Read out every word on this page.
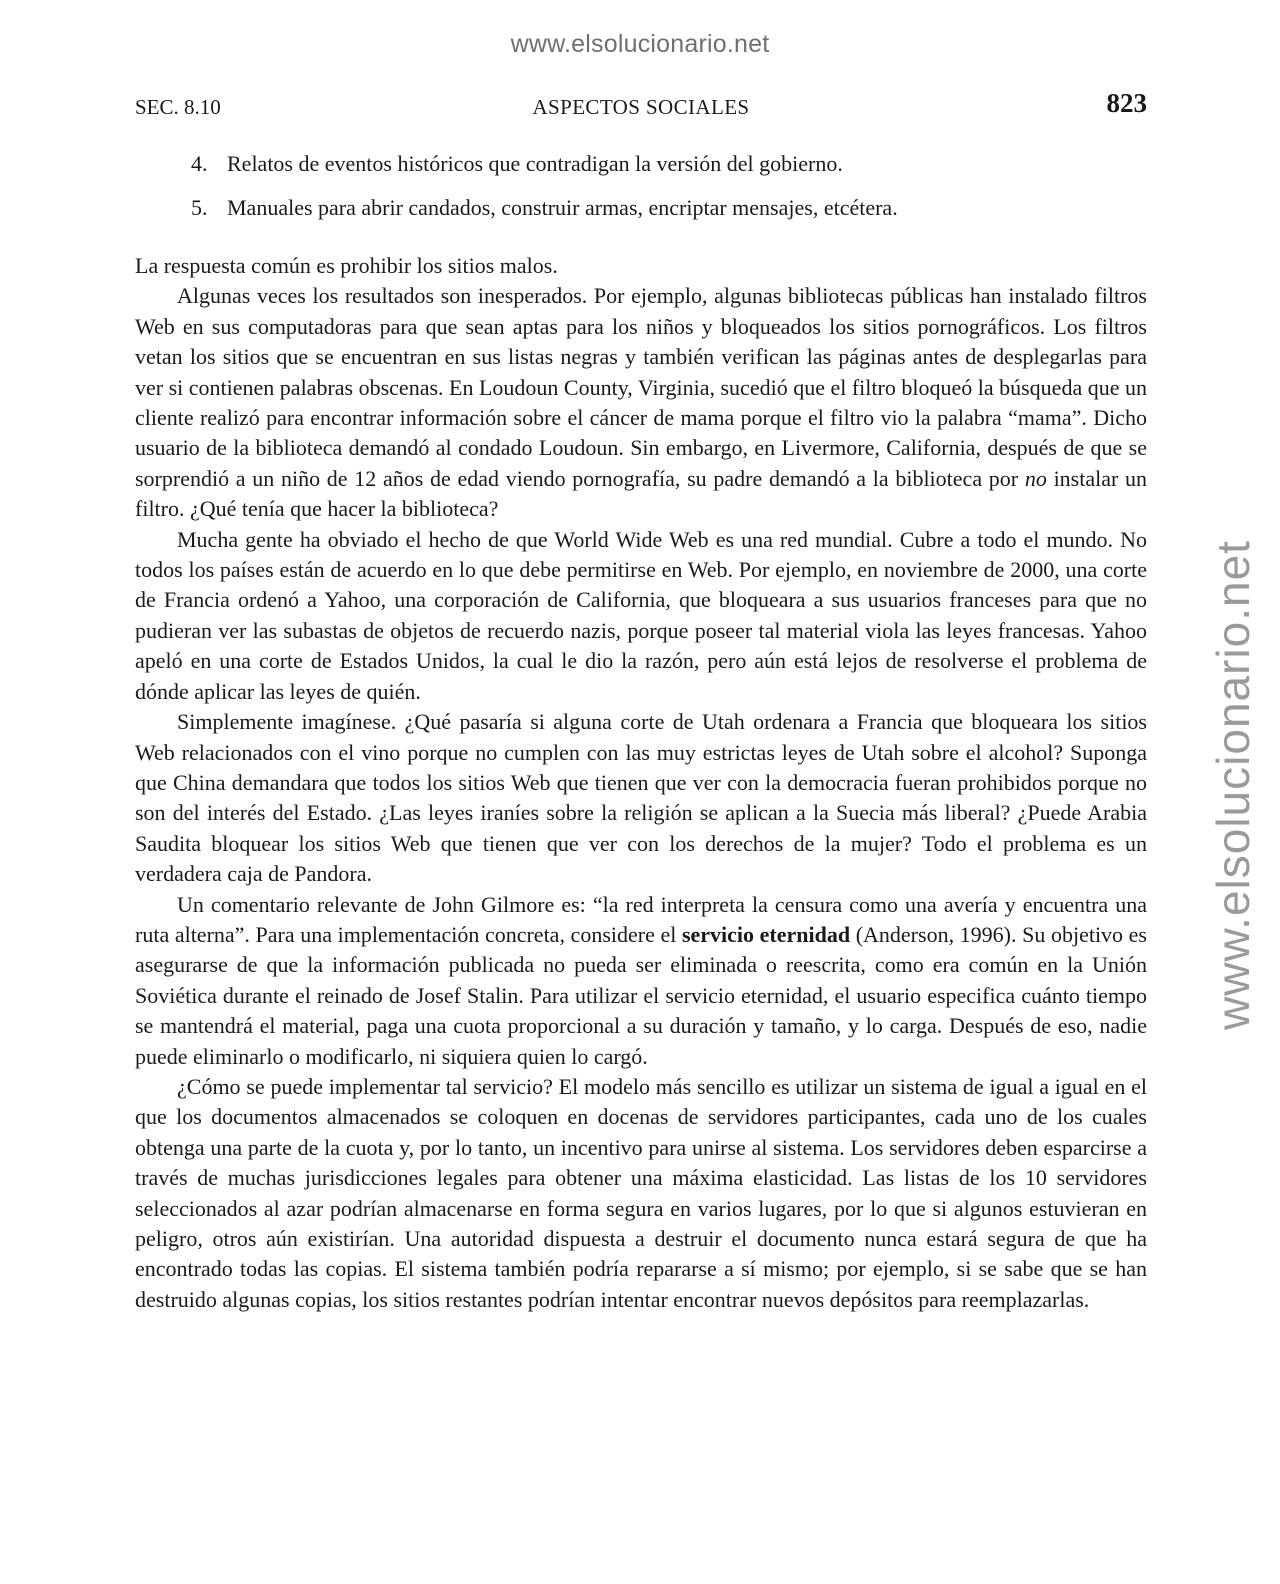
www.elsolucionario.net
www.elsolucionario.net
SEC. 8.10	ASPECTOS SOCIALES	823
4. Relatos de eventos históricos que contradigan la versión del gobierno.
5. Manuales para abrir candados, construir armas, encriptar mensajes, etcétera.

La respuesta común es prohibir los sitios malos.

Algunas veces los resultados son inesperados. Por ejemplo, algunas bibliotecas públicas han instalado filtros Web en sus computadoras para que sean aptas para los niños y bloqueados los sitios pornográficos. Los filtros vetan los sitios que se encuentran en sus listas negras y también verifican las páginas antes de desplegarlas para ver si contienen palabras obscenas. En Loudoun County, Virginia, sucedió que el filtro bloqueó la búsqueda que un cliente realizó para encontrar información sobre el cáncer de mama porque el filtro vio la palabra “mama”. Dicho usuario de la biblioteca demandó al condado Loudoun. Sin embargo, en Livermore, California, después de que se sorprendió a un niño de 12 años de edad viendo pornografía, su padre demandó a la biblioteca por no instalar un filtro. ¿Qué tenía que hacer la biblioteca?

Mucha gente ha obviado el hecho de que World Wide Web es una red mundial. Cubre a todo el mundo. No todos los países están de acuerdo en lo que debe permitirse en Web. Por ejemplo, en noviembre de 2000, una corte de Francia ordenó a Yahoo, una corporación de California, que bloqueara a sus usuarios franceses para que no pudieran ver las subastas de objetos de recuerdo nazis, porque poseer tal material viola las leyes francesas. Yahoo apeló en una corte de Estados Unidos, la cual le dio la razón, pero aún está lejos de resolverse el problema de dónde aplicar las leyes de quién.

Simplemente imagínese. ¿Qué pasaría si alguna corte de Utah ordenara a Francia que bloqueara los sitios Web relacionados con el vino porque no cumplen con las muy estrictas leyes de Utah sobre el alcohol? Suponga que China demandara que todos los sitios Web que tienen que ver con la democracia fueran prohibidos porque no son del interés del Estado. ¿Las leyes iraníes sobre la religión se aplican a la Suecia más liberal? ¿Puede Arabia Saudita bloquear los sitios Web que tienen que ver con los derechos de la mujer? Todo el problema es un verdadera caja de Pandora.

Un comentario relevante de John Gilmore es: “la red interpreta la censura como una avería y encuentra una ruta alterna”. Para una implementación concreta, considere el servicio eternidad (Anderson, 1996). Su objetivo es asegurarse de que la información publicada no pueda ser eliminada o reescrita, como era común en la Unión Soviética durante el reinado de Josef Stalin. Para utilizar el servicio eternidad, el usuario especifica cuánto tiempo se mantendrá el material, paga una cuota proporcional a su duración y tamaño, y lo carga. Después de eso, nadie puede eliminarlo o modificarlo, ni siquiera quien lo cargó.

¿Cómo se puede implementar tal servicio? El modelo más sencillo es utilizar un sistema de igual a igual en el que los documentos almacenados se coloquen en docenas de servidores participantes, cada uno de los cuales obtenga una parte de la cuota y, por lo tanto, un incentivo para unirse al sistema. Los servidores deben esparcirse a través de muchas jurisdicciones legales para obtener una máxima elasticidad. Las listas de los 10 servidores seleccionados al azar podrían almacenarse en forma segura en varios lugares, por lo que si algunos estuvieran en peligro, otros aún existirían. Una autoridad dispuesta a destruir el documento nunca estará segura de que ha encontrado todas las copias. El sistema también podría repararse a sí mismo; por ejemplo, si se sabe que se han destruido algunas copias, los sitios restantes podrían intentar encontrar nuevos depósitos para reemplazarlas.
